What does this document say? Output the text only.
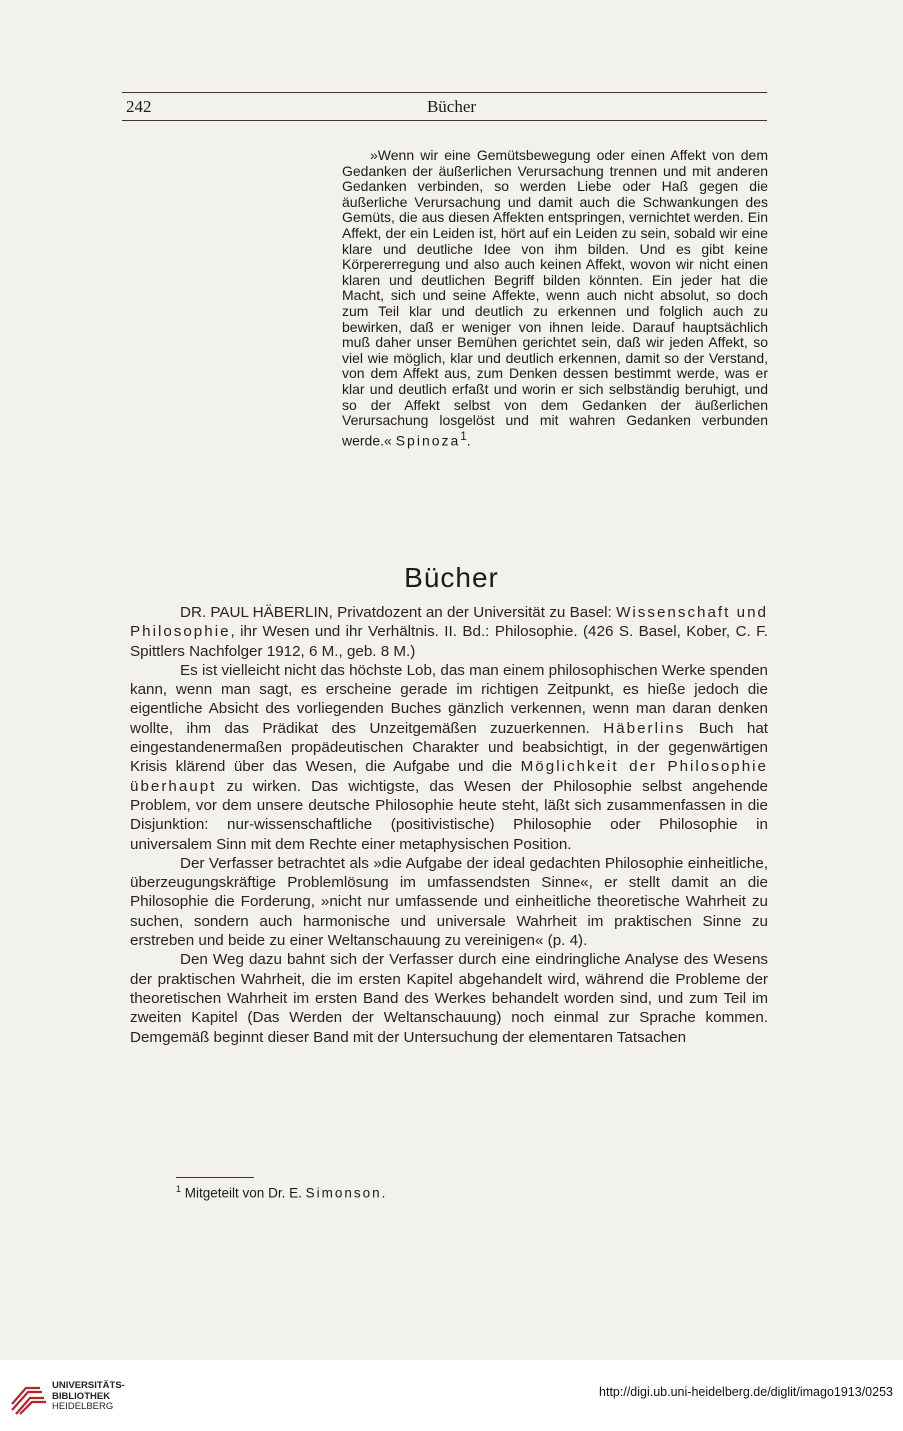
242	Bücher

»Wenn wir eine Gemütsbewegung oder einen Affekt von dem Gedanken der äußerlichen Verursachung trennen und mit anderen Gedanken verbinden, so werden Liebe oder Haß gegen die äußerliche Verursachung und damit auch die Schwankungen des Gemüts, die aus diesen Affekten entspringen, vernichtet werden. Ein Affekt, der ein Leiden ist, hört auf ein Leiden zu sein, sobald wir eine klare und deutliche Idee von ihm bilden. Und es gibt keine Körpererregung und also auch keinen Affekt, wovon wir nicht einen klaren und deutlichen Begriff bilden könnten. Ein jeder hat die Macht, sich und seine Affekte, wenn auch nicht absolut, so doch zum Teil klar und deutlich zu erkennen und folglich auch zu bewirken, daß er weniger von ihnen leide. Darauf hauptsächlich muß daher unser Bemühen gerichtet sein, daß wir jeden Affekt, so viel wie möglich, klar und deutlich erkennen, damit so der Verstand, von dem Affekt aus, zum Denken dessen bestimmt werde, was er klar und deutlich erfaßt und worin er sich selbständig beruhigt, und so der Affekt selbst von dem Gedanken der äußerlichen Verursachung losgelöst und mit wahren Gedanken verbunden werde.« Spinoza$^1$.

Bücher

DR. PAUL HÄBERLIN, Privatdozent an der Universität zu Basel: Wissenschaft und Philosophie, ihr Wesen und ihr Verhältnis. II. Bd.: Philosophie. (426 S. Basel, Kober, C. F. Spittlers Nachfolger 1912, 6 M., geb. 8 M.)

Es ist vielleicht nicht das höchste Lob, das man einem philosophischen Werke spenden kann, wenn man sagt, es erscheine gerade im richtigen Zeitpunkt, es hieße jedoch die eigentliche Absicht des vorliegenden Buches gänzlich verkennen, wenn man daran denken wollte, ihm das Prädikat des Unzeitgemäßen zuzuerkennen. Häberlins Buch hat eingestandenermaßen propädeutischen Charakter und beabsichtigt, in der gegenwärtigen Krisis klärend über das Wesen, die Aufgabe und die Möglichkeit der Philosophie überhaupt zu wirken. Das wichtigste, das Wesen der Philosophie selbst angehende Problem, vor dem unsere deutsche Philosophie heute steht, läßt sich zusammenfassen in die Disjunktion: nur-wissenschaftliche (positivistische) Philosophie oder Philosophie in universalem Sinn mit dem Rechte einer metaphysischen Position.

Der Verfasser betrachtet als »die Aufgabe der ideal gedachten Philosophie einheitliche, überzeugungskräftige Problemlösung im umfassendsten Sinne«, er stellt damit an die Philosophie die Forderung, »nicht nur umfassende und einheitliche theoretische Wahrheit zu suchen, sondern auch harmonische und universale Wahrheit im praktischen Sinne zu erstreben und beide zu einer Weltanschauung zu vereinigen« (p. 4).

Den Weg dazu bahnt sich der Verfasser durch eine eindringliche Analyse des Wesens der praktischen Wahrheit, die im ersten Kapitel abgehandelt wird, während die Probleme der theoretischen Wahrheit im ersten Band des Werkes behandelt worden sind, und zum Teil im zweiten Kapitel (Das Werden der Weltanschauung) noch einmal zur Sprache kommen. Demgemäß beginnt dieser Band mit der Untersuchung der elementaren Tatsachen

$^1$ Mitgeteilt von Dr. E. Simonson.
UNIVERSITÄTS-
BIBLIOTHEK
HEIDELBERG
http://digi.ub.uni-heidelberg.de/diglit/imago1913/0253
